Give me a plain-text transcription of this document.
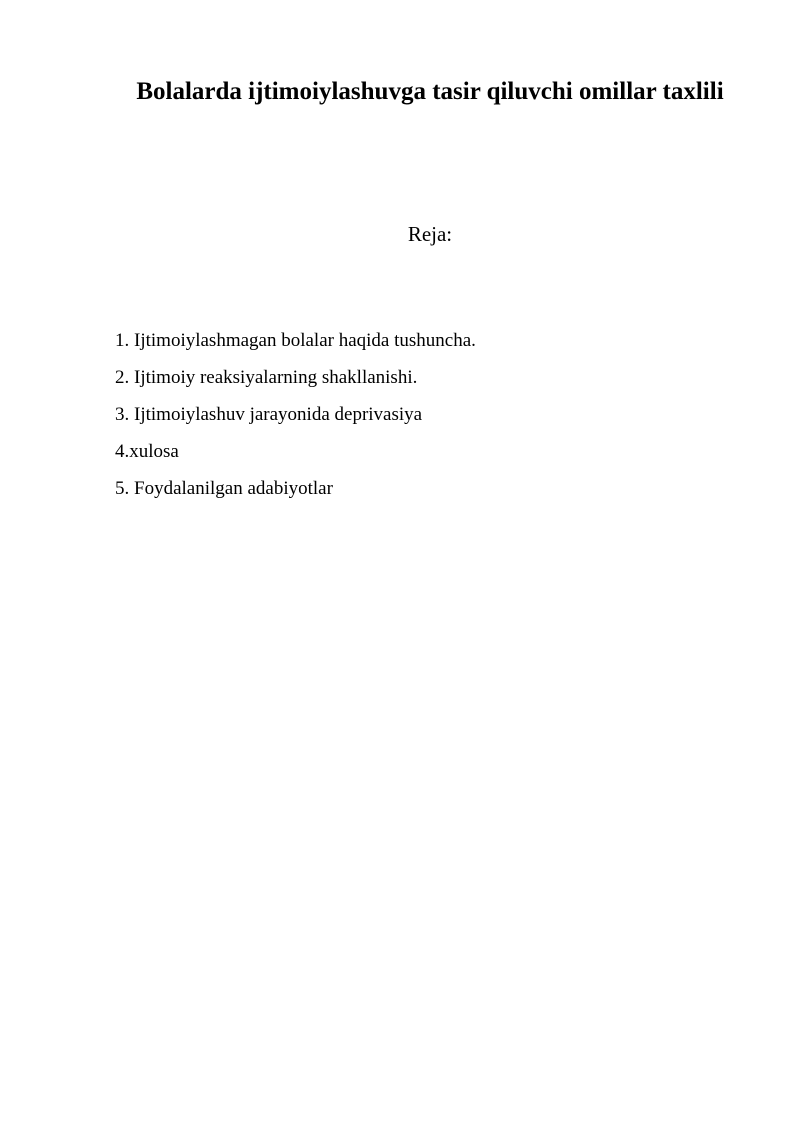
Bolalarda ijtimoiylashuvga tasir qiluvchi omillar taxlili
Reja:
1. Ijtimoiylashmagan bolalar haqida tushuncha.
2. Ijtimoiy reaksiyalarning shakllanishi.
3. Ijtimoiylashuv jarayonida deprivasiya
4.xulosa
5. Foydalanilgan adabiyotlar
